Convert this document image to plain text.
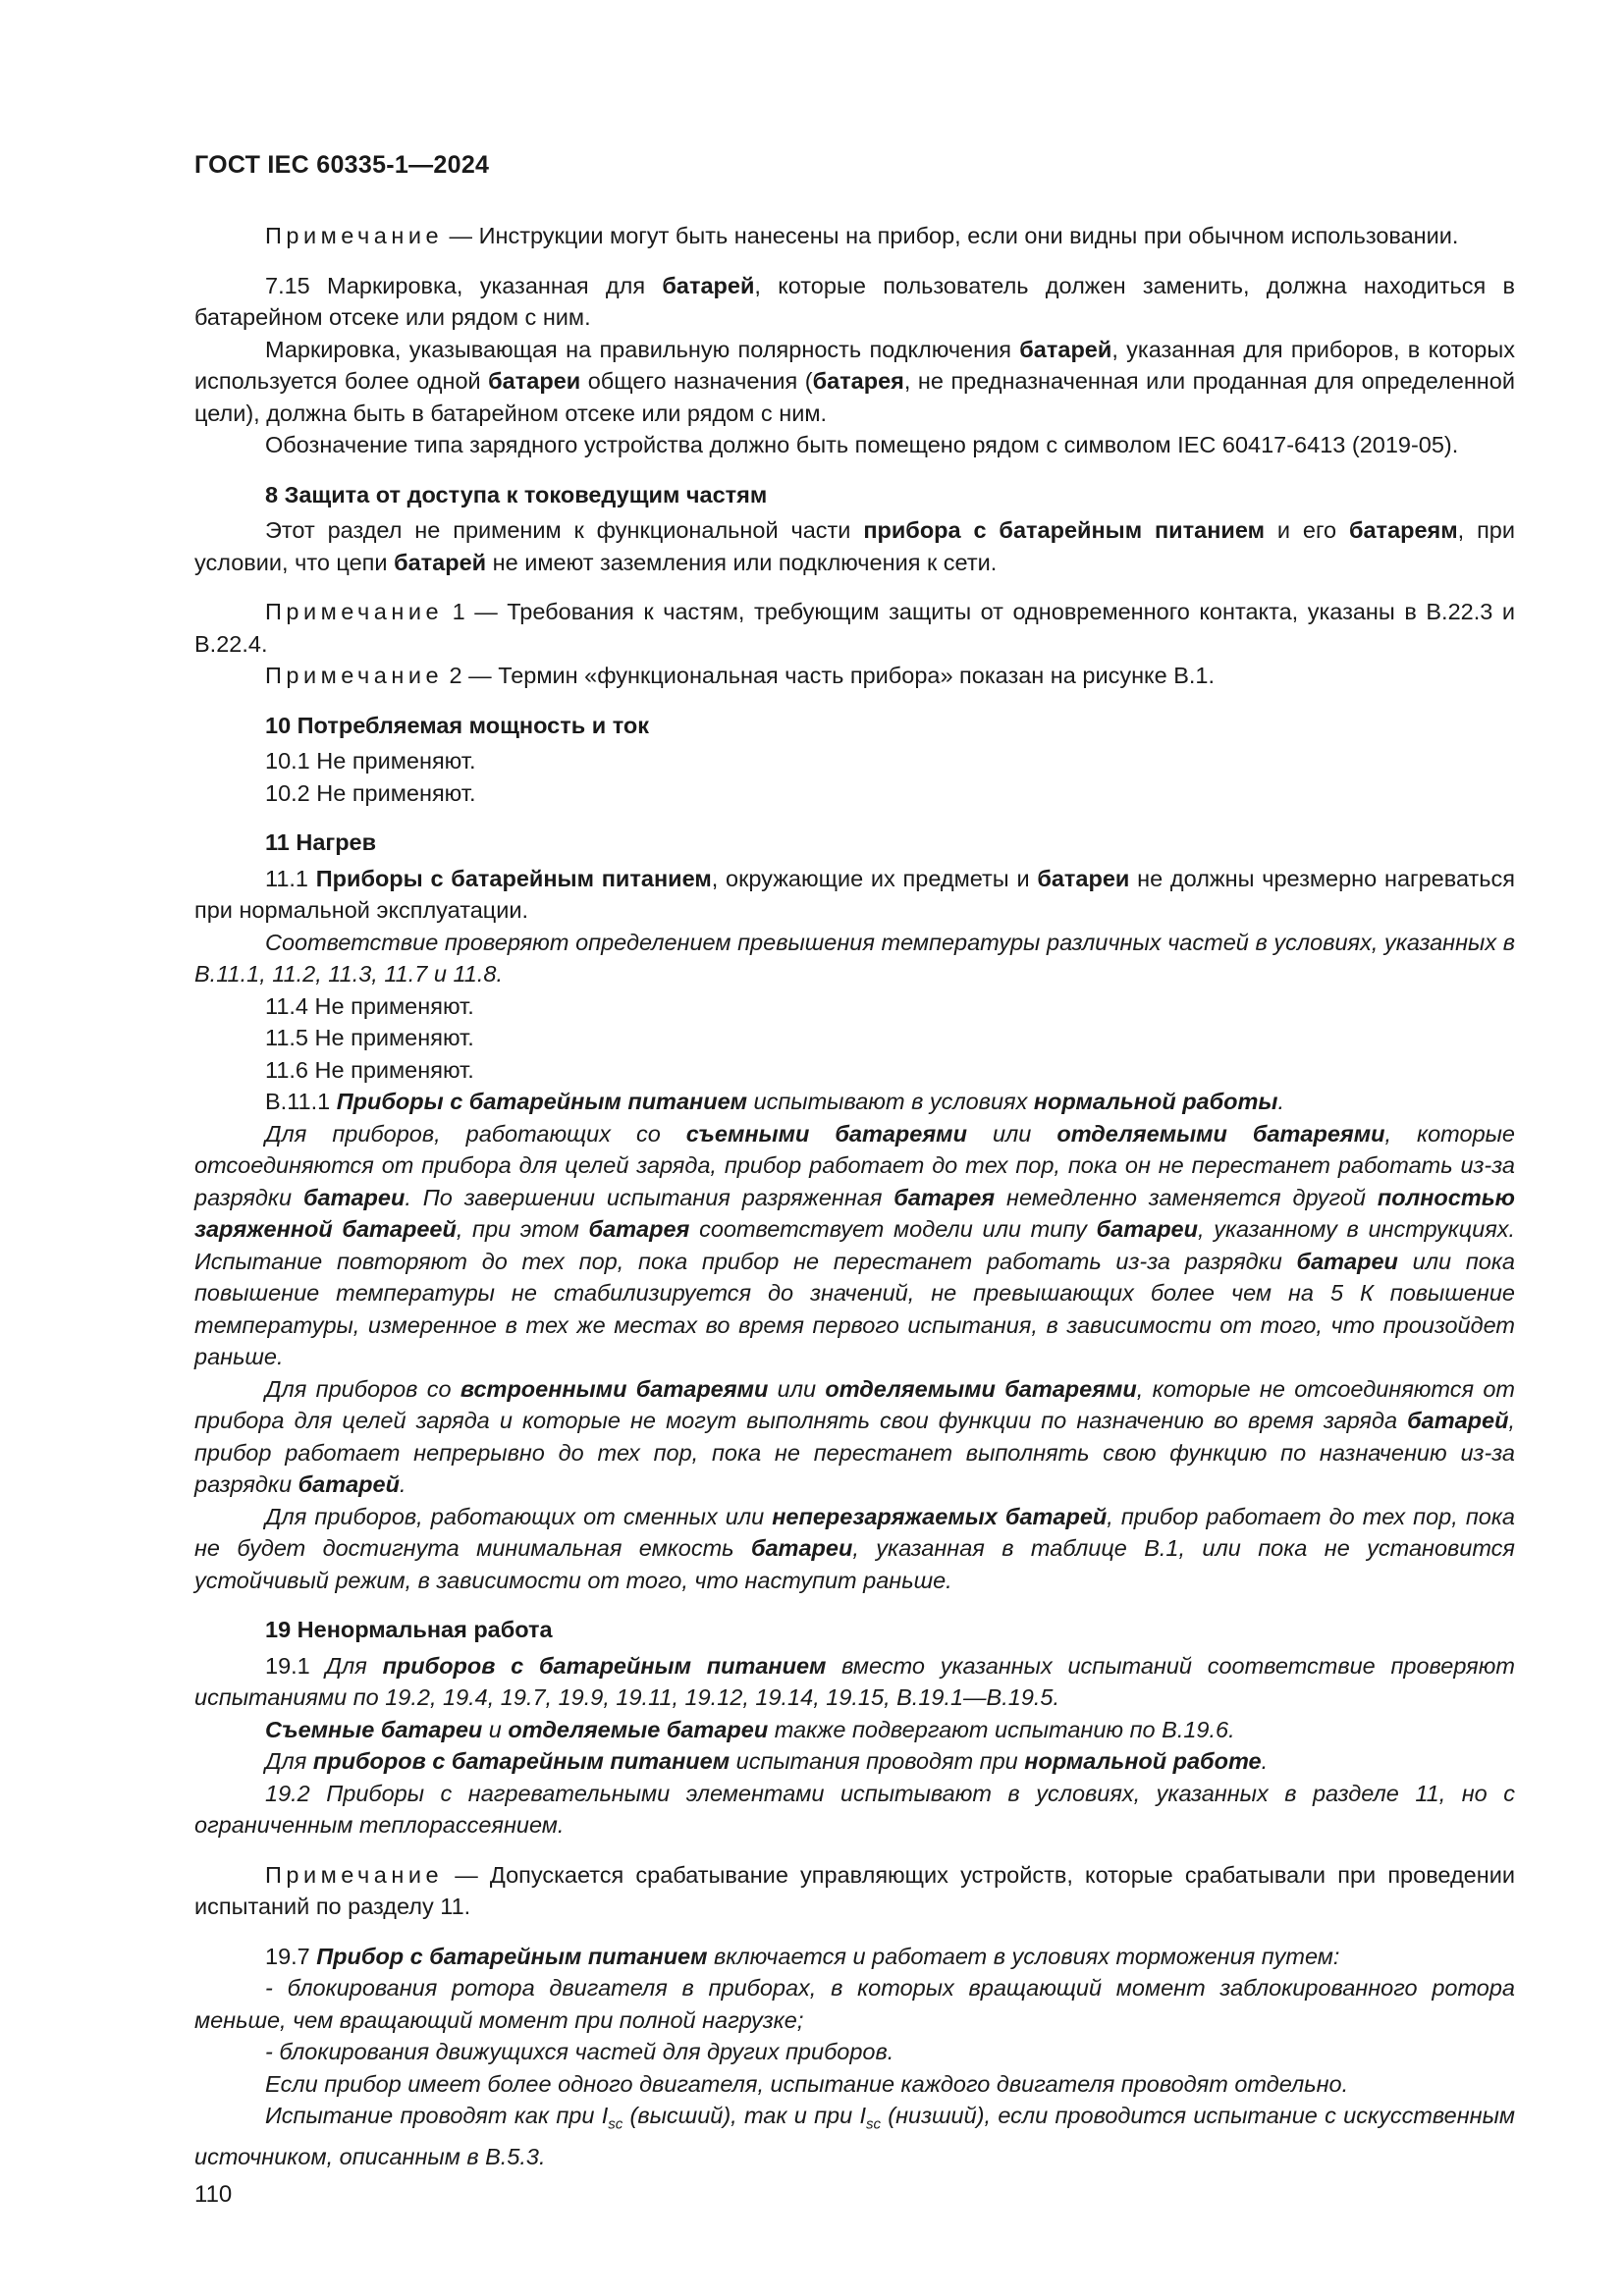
ГОСТ IEC 60335-1—2024

Примечание — Инструкции могут быть нанесены на прибор, если они видны при обычном использовании.

7.15 Маркировка, указанная для батарей, которые пользователь должен заменить, должна находиться в батарейном отсеке или рядом с ним.

Маркировка, указывающая на правильную полярность подключения батарей, указанная для приборов, в которых используется более одной батареи общего назначения (батарея, не предназначенная или проданная для определенной цели), должна быть в батарейном отсеке или рядом с ним.

Обозначение типа зарядного устройства должно быть помещено рядом с символом IEC 60417-6413 (2019-05).

8 Защита от доступа к токоведущим частям

Этот раздел не применим к функциональной части прибора с батарейным питанием и его батареям, при условии, что цепи батарей не имеют заземления или подключения к сети.

Примечание 1 — Требования к частям, требующим защиты от одновременного контакта, указаны в В.22.3 и В.22.4.

Примечание 2 — Термин «функциональная часть прибора» показан на рисунке В.1.

10 Потребляемая мощность и ток

10.1 Не применяют.

10.2 Не применяют.

11 Нагрев

11.1 Приборы с батарейным питанием, окружающие их предметы и батареи не должны чрезмерно нагреваться при нормальной эксплуатации.

Соответствие проверяют определением превышения температуры различных частей в условиях, указанных в В.11.1, 11.2, 11.3, 11.7 и 11.8.

11.4 Не применяют.

11.5 Не применяют.

11.6 Не применяют.

В.11.1 Приборы с батарейным питанием испытывают в условиях нормальной работы.

Для приборов, работающих со съемными батареями или отделяемыми батареями, которые отсоединяются от прибора для целей заряда, прибор работает до тех пор, пока он не перестанет работать из-за разрядки батареи. По завершении испытания разряженная батарея немедленно заменяется другой полностью заряженной батареей, при этом батарея соответствует модели или типу батареи, указанному в инструкциях. Испытание повторяют до тех пор, пока прибор не перестанет работать из-за разрядки батареи или пока повышение температуры не стабилизируется до значений, не превышающих более чем на 5 К повышение температуры, измеренное в тех же местах во время первого испытания, в зависимости от того, что произойдет раньше.

Для приборов со встроенными батареями или отделяемыми батареями, которые не отсоединяются от прибора для целей заряда и которые не могут выполнять свои функции по назначению во время заряда батарей, прибор работает непрерывно до тех пор, пока не перестанет выполнять свою функцию по назначению из-за разрядки батарей.

Для приборов, работающих от сменных или неперезаряжаемых батарей, прибор работает до тех пор, пока не будет достигнута минимальная емкость батареи, указанная в таблице В.1, или пока не установится устойчивый режим, в зависимости от того, что наступит раньше.

19 Ненормальная работа

19.1 Для приборов с батарейным питанием вместо указанных испытаний соответствие проверяют испытаниями по 19.2, 19.4, 19.7, 19.9, 19.11, 19.12, 19.14, 19.15, В.19.1—В.19.5.

Съемные батареи и отделяемые батареи также подвергают испытанию по В.19.6.

Для приборов с батарейным питанием испытания проводят при нормальной работе.

19.2 Приборы с нагревательными элементами испытывают в условиях, указанных в разделе 11, но с ограниченным теплорассеянием.

Примечание — Допускается срабатывание управляющих устройств, которые срабатывали при проведении испытаний по разделу 11.

19.7 Прибор с батарейным питанием включается и работает в условиях торможения путем:

- блокирования ротора двигателя в приборах, в которых вращающий момент заблокированного ротора меньше, чем вращающий момент при полной нагрузке;

- блокирования движущихся частей для других приборов.

Если прибор имеет более одного двигателя, испытание каждого двигателя проводят отдельно.

Испытание проводят как при $I_{sc}$ (высший), так и при $I_{sc}$ (низший), если проводится испытание с искусственным источником, описанным в В.5.3.

110
